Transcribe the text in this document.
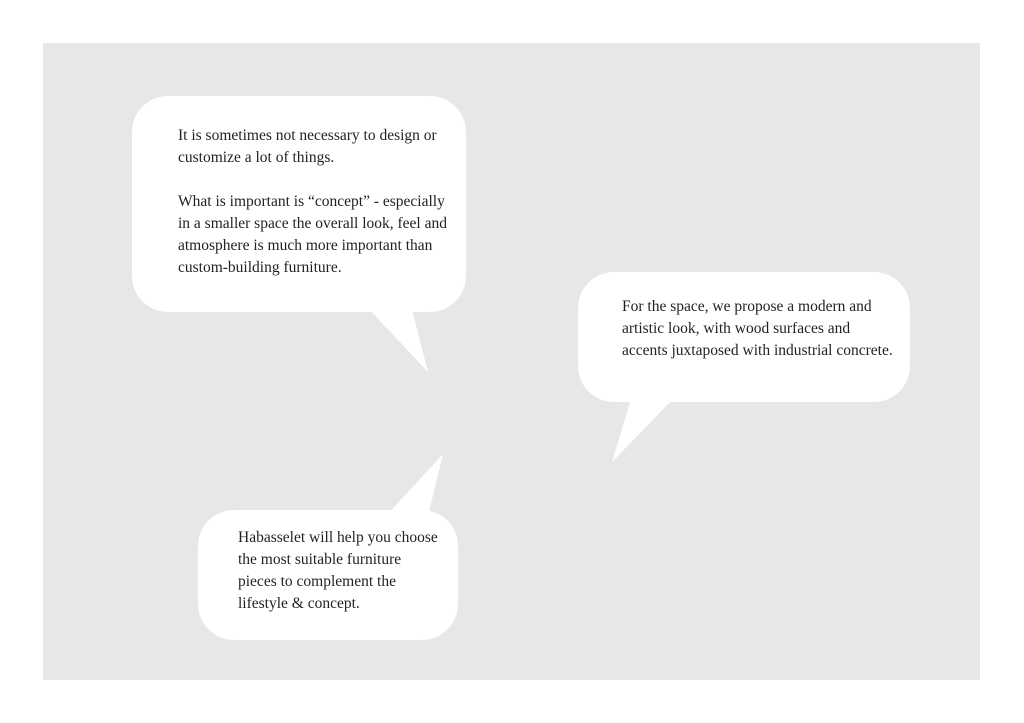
It is sometimes not necessary to design or customize a lot of things.

What is important is “concept” - especially in a smaller space the overall look, feel and atmosphere is much more important than custom-building furniture.

For the space, we propose a modern and artistic look, with wood surfaces and accents juxtaposed with industrial concrete.

Habasselet will help you choose the most suitable furniture pieces to complement the lifestyle & concept.
